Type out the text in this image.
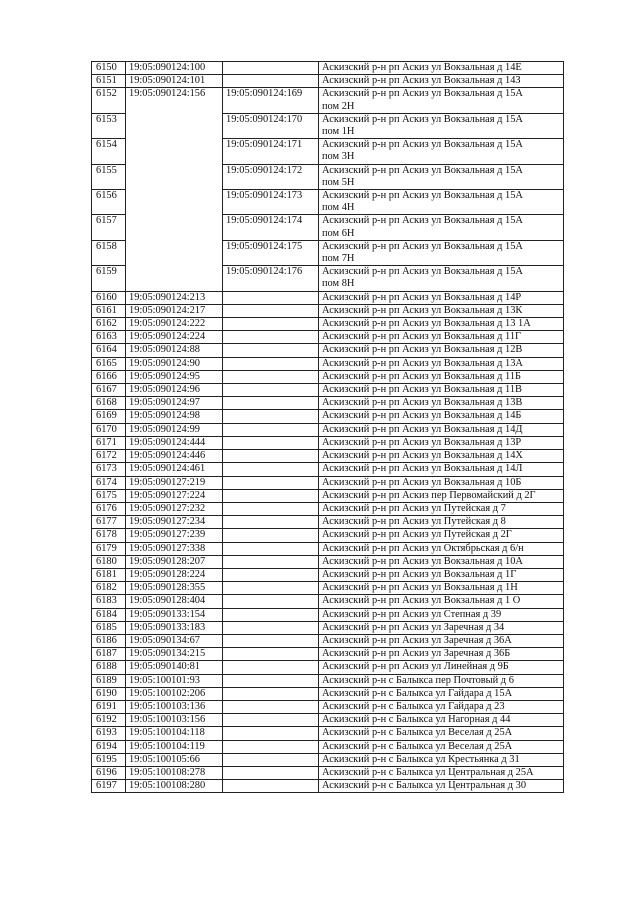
6150	19:05:090124:100		Аскизский р-н рп Аскиз ул Вокзальная д 14Е

6151	19:05:090124:101		Аскизский р-н рп Аскиз ул Вокзальная д 14З

6152	19:05:090124:156	19:05:090124:169	Аскизский р-н рп Аскиз ул Вокзальная д 15А
пом 2Н

6153		19:05:090124:170	Аскизский р-н рп Аскиз ул Вокзальная д 15А
пом 1Н

6154		19:05:090124:171	Аскизский р-н рп Аскиз ул Вокзальная д 15А
пом 3Н

6155		19:05:090124:172	Аскизский р-н рп Аскиз ул Вокзальная д 15А
пом 5Н

6156		19:05:090124:173	Аскизский р-н рп Аскиз ул Вокзальная д 15А
пом 4Н

6157		19:05:090124:174	Аскизский р-н рп Аскиз ул Вокзальная д 15А
пом 6Н

6158		19:05:090124:175	Аскизский р-н рп Аскиз ул Вокзальная д 15А
пом 7Н

6159		19:05:090124:176	Аскизский р-н рп Аскиз ул Вокзальная д 15А
пом 8Н

6160	19:05:090124:213		Аскизский р-н рп Аскиз ул Вокзальная д 14Р

6161	19:05:090124:217		Аскизский р-н рп Аскиз ул Вокзальная д 13К

6162	19:05:090124:222		Аскизский р-н рп Аскиз ул Вокзальная д 13 1А

6163	19:05:090124:224		Аскизский р-н рп Аскиз ул Вокзальная д 11Г

6164	19:05:090124:88		Аскизский р-н рп Аскиз ул Вокзальная д 12В

6165	19:05:090124:90		Аскизский р-н рп Аскиз ул Вокзальная д 13А

6166	19:05:090124:95		Аскизский р-н рп Аскиз ул Вокзальная д 11Б

6167	19:05:090124:96		Аскизский р-н рп Аскиз ул Вокзальная д 11В

6168	19:05:090124:97		Аскизский р-н рп Аскиз ул Вокзальная д 13В

6169	19:05:090124:98		Аскизский р-н рп Аскиз ул Вокзальная д 14Б

6170	19:05:090124:99		Аскизский р-н рп Аскиз ул Вокзальная д 14Д

6171	19:05:090124:444		Аскизский р-н рп Аскиз ул Вокзальная д 13Р

6172	19:05:090124:446		Аскизский р-н рп Аскиз ул Вокзальная д 14Х

6173	19:05:090124:461		Аскизский р-н рп Аскиз ул Вокзальная д 14Л

6174	19:05:090127:219		Аскизский р-н рп Аскиз ул Вокзальная д 10Б

6175	19:05:090127:224		Аскизский р-н рп Аскиз пер Первомайский д 2Г

6176	19:05:090127:232		Аскизский р-н рп Аскиз ул Путейская д 7

6177	19:05:090127:234		Аскизский р-н рп Аскиз ул Путейская д 8

6178	19:05:090127:239		Аскизский р-н рп Аскиз ул Путейская д 2Г

6179	19:05:090127:338		Аскизский р-н рп Аскиз ул Октябрьская д 6/н

6180	19:05:090128:207		Аскизский р-н рп Аскиз ул Вокзальная д 10А

6181	19:05:090128:224		Аскизский р-н рп Аскиз ул Вокзальная д 1Г

6182	19:05:090128:355		Аскизский р-н рп Аскиз ул Вокзальная д 1Н

6183	19:05:090128:404		Аскизский р-н рп Аскиз ул Вокзальная д 1 О

6184	19:05:090133:154		Аскизский р-н рп Аскиз ул Степная д 39

6185	19:05:090133:183		Аскизский р-н рп Аскиз ул Заречная д 34

6186	19:05:090134:67		Аскизский р-н рп Аскиз ул Заречная д 36А

6187	19:05:090134:215		Аскизский р-н рп Аскиз ул Заречная д 36Б

6188	19:05:090140:81		Аскизский р-н рп Аскиз ул Линейная д 9Б

6189	19:05:100101:93		Аскизский р-н с Балыкса пер Почтовый д 6

6190	19:05:100102:206		Аскизский р-н с Балыкса ул Гайдара д 15А

6191	19:05:100103:136		Аскизский р-н с Балыкса ул Гайдара д 23

6192	19:05:100103:156		Аскизский р-н с Балыкса ул Нагорная д 44

6193	19:05:100104:118		Аскизский р-н с Балыкса ул Веселая д 25А

6194	19:05:100104:119		Аскизский р-н с Балыкса ул Веселая д 25А

6195	19:05:100105:66		Аскизский р-н с Балыкса ул Крестьянка д 31

6196	19:05:100108:278		Аскизский р-н с Балыкса ул Центральная д 25А

6197	19:05:100108:280		Аскизский р-н с Балыкса ул Центральная д 30
